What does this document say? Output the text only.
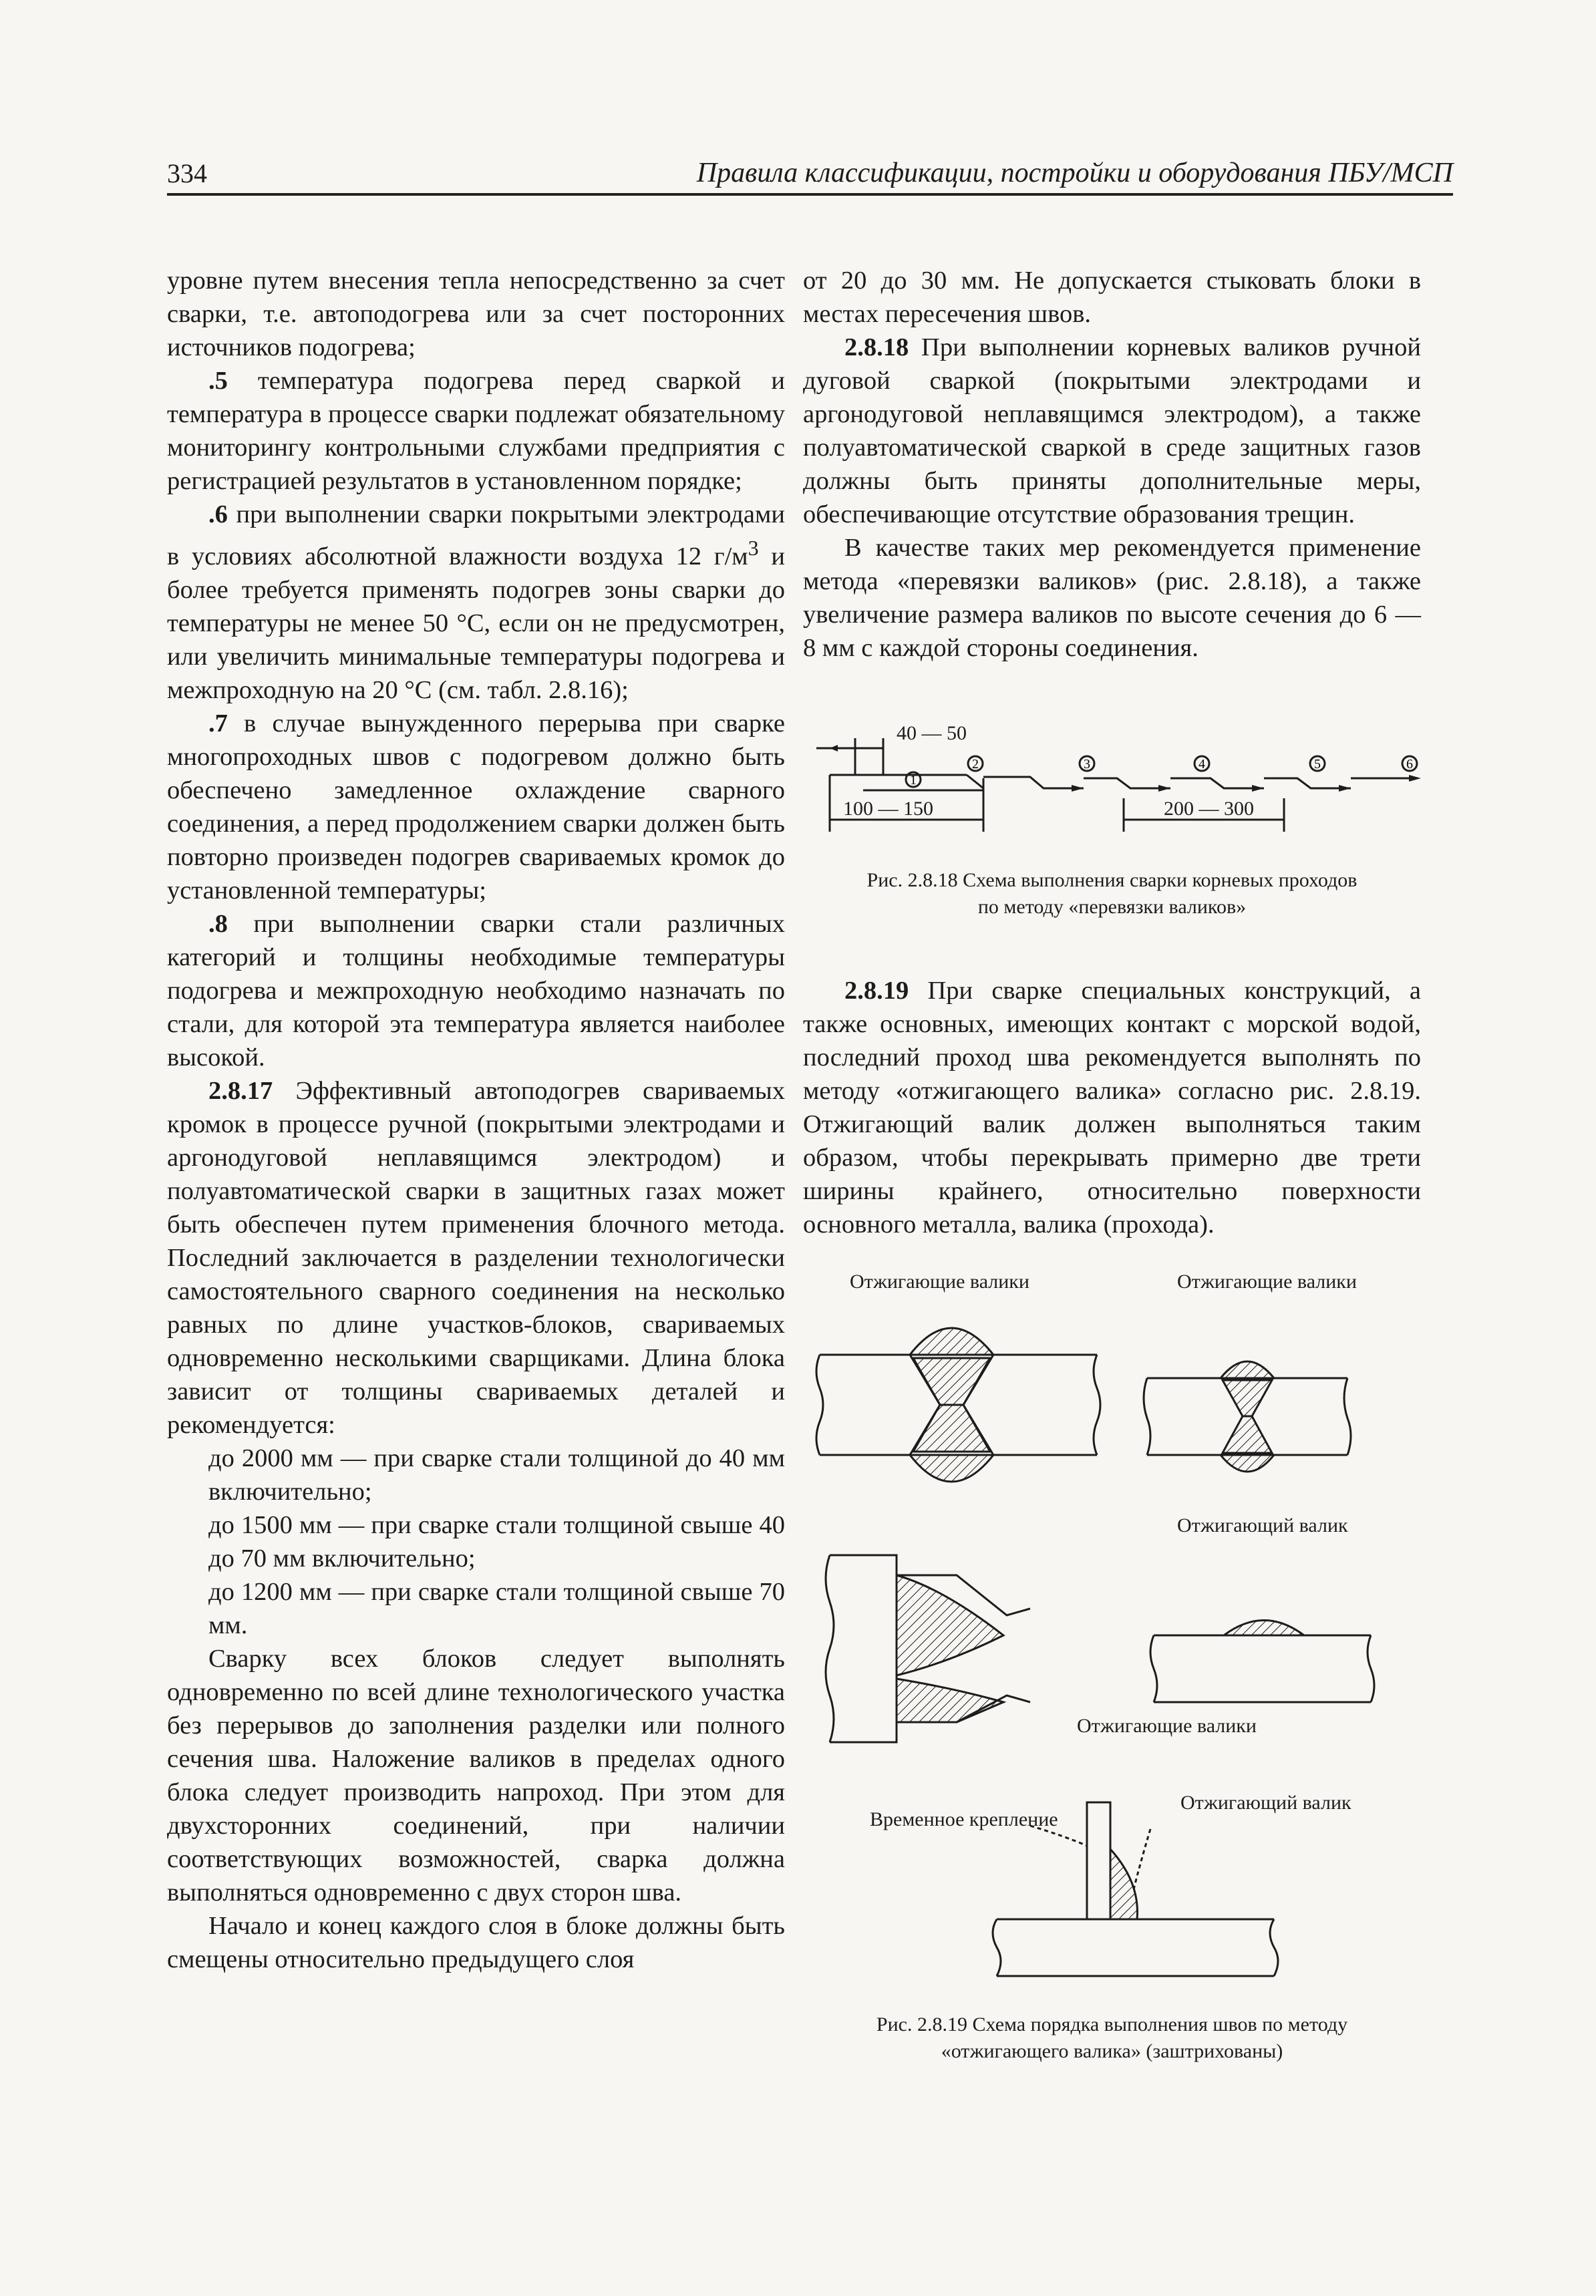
334	Правила классификации, постройки и оборудования ПБУ/МСП

уровне путем внесения тепла непосредственно за счет сварки, т.е. автоподогрева или за счет посторонних источников подогрева;

.5 температура подогрева перед сваркой и температура в процессе сварки подлежат обязательному мониторингу контрольными службами предприятия с регистрацией результатов в установленном порядке;

.6 при выполнении сварки покрытыми электродами в условиях абсолютной влажности воздуха 12 $г/м^3$ и более требуется применять подогрев зоны сварки до температуры не менее 50 °С, если он не предусмотрен, или увеличить минимальные температуры подогрева и межпроходную на 20 °С (см. табл. 2.8.16);

.7 в случае вынужденного перерыва при сварке многопроходных швов с подогревом должно быть обеспечено замедленное охлаждение сварного соединения, а перед продолжением сварки должен быть повторно произведен подогрев свариваемых кромок до установленной температуры;

.8 при выполнении сварки стали различных категорий и толщины необходимые температуры подогрева и межпроходную необходимо назначать по стали, для которой эта температура является наиболее высокой.

2.8.17 Эффективный автоподогрев свариваемых кромок в процессе ручной (покрытыми электродами и аргонодуговой неплавящимся электродом) и полуавтоматической сварки в защитных газах может быть обеспечен путем применения блочного метода. Последний заключается в разделении технологически самостоятельного сварного соединения на несколько равных по длине участков-блоков, свариваемых одновременно несколькими сварщиками. Длина блока зависит от толщины свариваемых деталей и рекомендуется:

до 2000 мм — при сварке стали толщиной до 40 мм включительно;

до 1500 мм — при сварке стали толщиной свыше 40 до 70 мм включительно;

до 1200 мм — при сварке стали толщиной свыше 70 мм.

Сварку всех блоков следует выполнять одновременно по всей длине технологического участка без перерывов до заполнения разделки или полного сечения шва. Наложение валиков в пределах одного блока следует производить напроход. При этом для двухсторонних соединений, при наличии соответствующих возможностей, сварка должна выполняться одновременно с двух сторон шва.

Начало и конец каждого слоя в блоке должны быть смещены относительно предыдущего слоя

от 20 до 30 мм. Не допускается стыковать блоки в местах пересечения швов.

2.8.18 При выполнении корневых валиков ручной дуговой сваркой (покрытыми электродами и аргонодуговой неплавящимся электродом), а также полуавтоматической сваркой в среде защитных газов должны быть приняты дополнительные меры, обеспечивающие отсутствие образования трещин.

В качестве таких мер рекомендуется применение метода «перевязки валиков» (рис. 2.8.18), а также увеличение размера валиков по высоте сечения до 6 — 8 мм с каждой стороны соединения.

40 — 50
100 — 150	200 — 300
1
2	3	4	5	6
Рис. 2.8.18 Схема выполнения сварки корневых проходов
по методу «перевязки валиков»

2.8.19 При сварке специальных конструкций, а также основных, имеющих контакт с морской водой, последний проход шва рекомендуется выполнять по методу «отжигающего валика» согласно рис. 2.8.19. Отжигающий валик должен выполняться таким образом, чтобы перекрывать примерно две трети ширины крайнего, относительно поверхности основного металла, валика (прохода).

Отжигающие валики	Отжигающие валики
Отжигающий валик
Отжигающие валики
Временное крепление
Отжигающий валик
Рис. 2.8.19 Схема порядка выполнения швов по методу
«отжигающего валика» (заштрихованы)
